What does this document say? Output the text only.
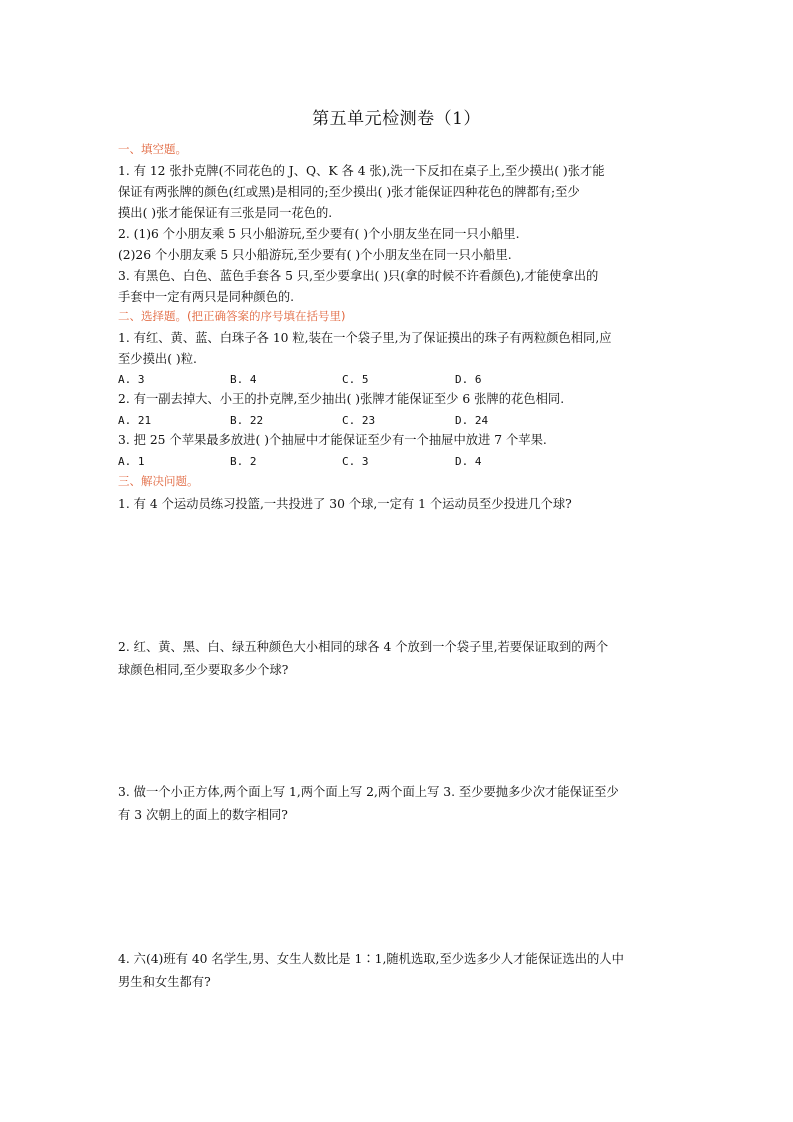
第五单元检测卷（1）
一、填空题。
1. 有 12 张扑克牌(不同花色的 J、Q、K 各 4 张),洗一下反扣在桌子上,至少摸出( )张才能
保证有两张牌的颜色(红或黑)是相同的;至少摸出( )张才能保证四种花色的牌都有;至少
摸出( )张才能保证有三张是同一花色的.
2. (1)6 个小朋友乘 5 只小船游玩,至少要有( )个小朋友坐在同一只小船里.
(2)26 个小朋友乘 5 只小船游玩,至少要有( )个小朋友坐在同一只小船里.
3. 有黑色、白色、蓝色手套各 5 只,至少要拿出( )只(拿的时候不许看颜色),才能使拿出的
手套中一定有两只是同种颜色的.
二、选择题。(把正确答案的序号填在括号里)
1. 有红、黄、蓝、白珠子各 10 粒,装在一个袋子里,为了保证摸出的珠子有两粒颜色相同,应
至少摸出( )粒.
A. 3	B. 4	C. 5	D. 6
2. 有一副去掉大、小王的扑克牌,至少抽出( )张牌才能保证至少 6 张牌的花色相同.
A. 21	B. 22	C. 23	D. 24
3. 把 25 个苹果最多放进( )个抽屉中才能保证至少有一个抽屉中放进 7 个苹果.
A. 1	B. 2	C. 3	D. 4
三、解决问题。
1. 有 4 个运动员练习投篮,一共投进了 30 个球,一定有 1 个运动员至少投进几个球?
2. 红、黄、黑、白、绿五种颜色大小相同的球各 4 个放到一个袋子里,若要保证取到的两个
球颜色相同,至少要取多少个球?
3. 做一个小正方体,两个面上写 1,两个面上写 2,两个面上写 3. 至少要抛多少次才能保证至少
有 3 次朝上的面上的数字相同?
4. 六(4)班有 40 名学生,男、女生人数比是 1∶1,随机选取,至少选多少人才能保证选出的人中
男生和女生都有?
